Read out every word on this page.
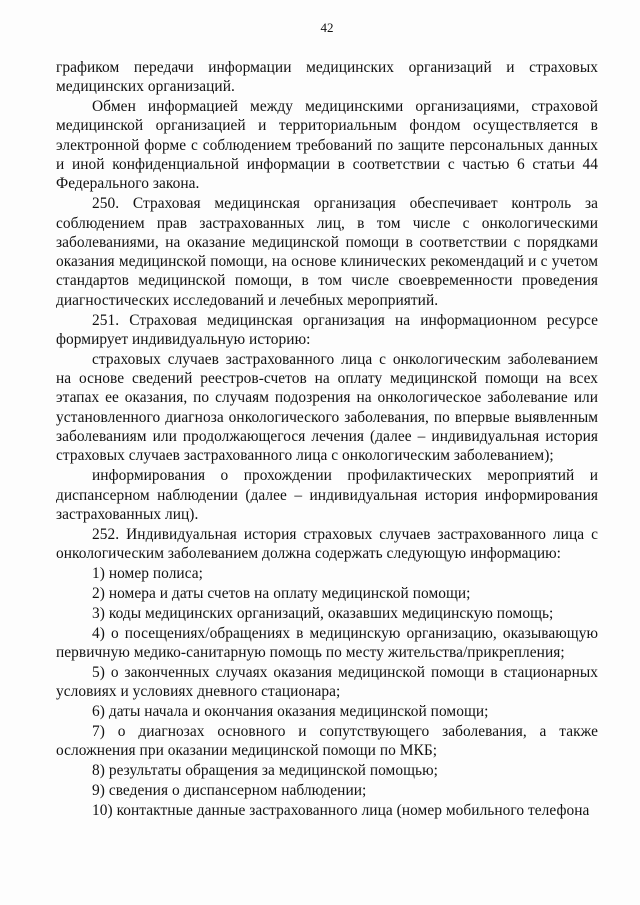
42

графиком передачи информации медицинских организаций и страховых медицинских организаций.

Обмен информацией между медицинскими организациями, страховой медицинской организацией и территориальным фондом осуществляется в электронной форме с соблюдением требований по защите персональных данных и иной конфиденциальной информации в соответствии с частью 6 статьи 44 Федерального закона.

250. Страховая медицинская организация обеспечивает контроль за соблюдением прав застрахованных лиц, в том числе с онкологическими заболеваниями, на оказание медицинской помощи в соответствии с порядками оказания медицинской помощи, на основе клинических рекомендаций и с учетом стандартов медицинской помощи, в том числе своевременности проведения диагностических исследований и лечебных мероприятий.

251. Страховая медицинская организация на информационном ресурсе формирует индивидуальную историю:

страховых случаев застрахованного лица с онкологическим заболеванием на основе сведений реестров-счетов на оплату медицинской помощи на всех этапах ее оказания, по случаям подозрения на онкологическое заболевание или установленного диагноза онкологического заболевания, по впервые выявленным заболеваниям или продолжающегося лечения (далее – индивидуальная история страховых случаев застрахованного лица с онкологическим заболеванием);

информирования о прохождении профилактических мероприятий и диспансерном наблюдении (далее – индивидуальная история информирования застрахованных лиц).

252. Индивидуальная история страховых случаев застрахованного лица с онкологическим заболеванием должна содержать следующую информацию:

1) номер полиса;

2) номера и даты счетов на оплату медицинской помощи;

3) коды медицинских организаций, оказавших медицинскую помощь;

4) о посещениях/обращениях в медицинскую организацию, оказывающую первичную медико-санитарную помощь по месту жительства/прикрепления;

5) о законченных случаях оказания медицинской помощи в стационарных условиях и условиях дневного стационара;

6) даты начала и окончания оказания медицинской помощи;

7) о диагнозах основного и сопутствующего заболевания, а также осложнения при оказании медицинской помощи по МКБ;

8) результаты обращения за медицинской помощью;

9) сведения о диспансерном наблюдении;

10) контактные данные застрахованного лица (номер мобильного телефона
